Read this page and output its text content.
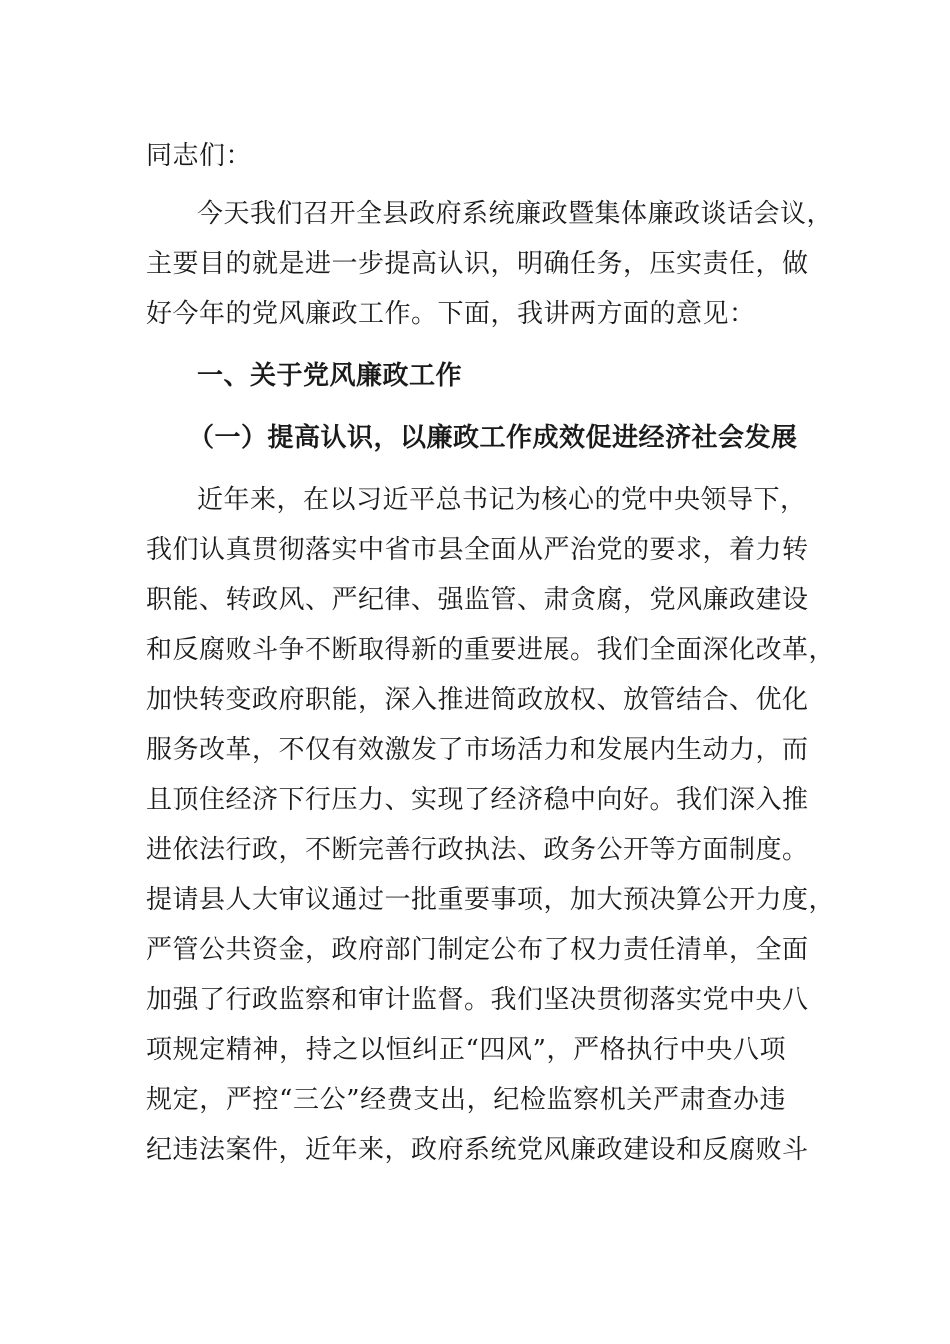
同志们：
今天我们召开全县政府系统廉政暨集体廉政谈话会议，
主要目的就是进一步提高认识，明确任务，压实责任，做
好今年的党风廉政工作。下面，我讲两方面的意见：
一、关于党风廉政工作
（一）提高认识，以廉政工作成效促进经济社会发展
近年来，在以习近平总书记为核心的党中央领导下，
我们认真贯彻落实中省市县全面从严治党的要求，着力转
职能、转政风、严纪律、强监管、肃贪腐，党风廉政建设
和反腐败斗争不断取得新的重要进展。我们全面深化改革，
加快转变政府职能，深入推进简政放权、放管结合、优化
服务改革，不仅有效激发了市场活力和发展内生动力，而
且顶住经济下行压力、实现了经济稳中向好。我们深入推
进依法行政，不断完善行政执法、政务公开等方面制度。
提请县人大审议通过一批重要事项，加大预决算公开力度，
严管公共资金，政府部门制定公布了权力责任清单，全面
加强了行政监察和审计监督。我们坚决贯彻落实党中央八
项规定精神，持之以恒纠正“四风”，严格执行中央八项
规定，严控“三公”经费支出，纪检监察机关严肃查办违
纪违法案件，近年来，政府系统党风廉政建设和反腐败斗
